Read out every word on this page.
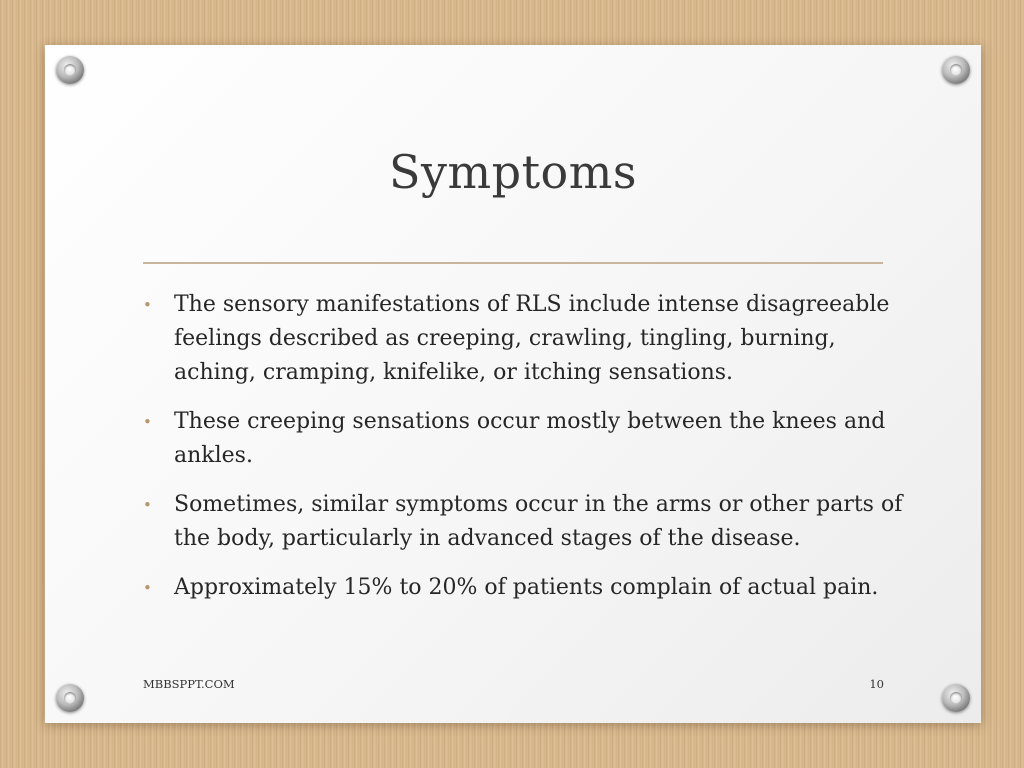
Symptoms
• The sensory manifestations of RLS include intense disagreeable feelings described as creeping, crawling, tingling, burning, aching, cramping, knifelike, or itching sensations.
• These creeping sensations occur mostly between the knees and ankles.
• Sometimes, similar symptoms occur in the arms or other parts of the body, particularly in advanced stages of the disease.
• Approximately 15% to 20% of patients complain of actual pain.
MBBSPPT.COM	10
